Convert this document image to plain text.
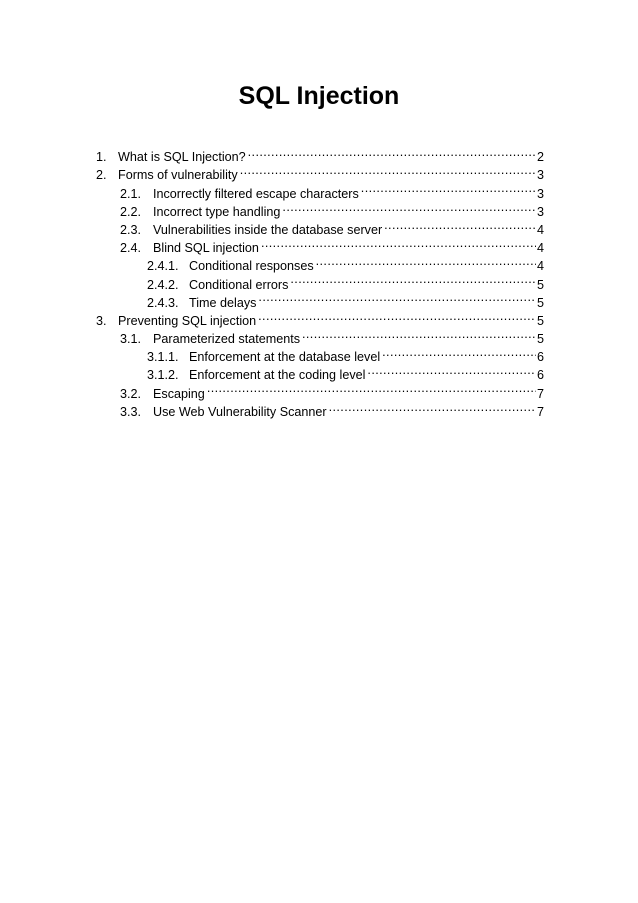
SQL Injection
1. What is SQL Injection? .....	2
2. Forms of vulnerability .....	3
2.1. Incorrectly filtered escape characters .....	3
2.2. Incorrect type handling .....	3
2.3. Vulnerabilities inside the database server .....	4
2.4. Blind SQL injection .....	4
2.4.1. Conditional responses .....	4
2.4.2. Conditional errors .....	5
2.4.3. Time delays .....	5
3. Preventing SQL injection .....	5
3.1. Parameterized statements .....	5
3.1.1. Enforcement at the database level .....	6
3.1.2. Enforcement at the coding level .....	6
3.2. Escaping .....	7
3.3. Use Web Vulnerability Scanner .....	7
